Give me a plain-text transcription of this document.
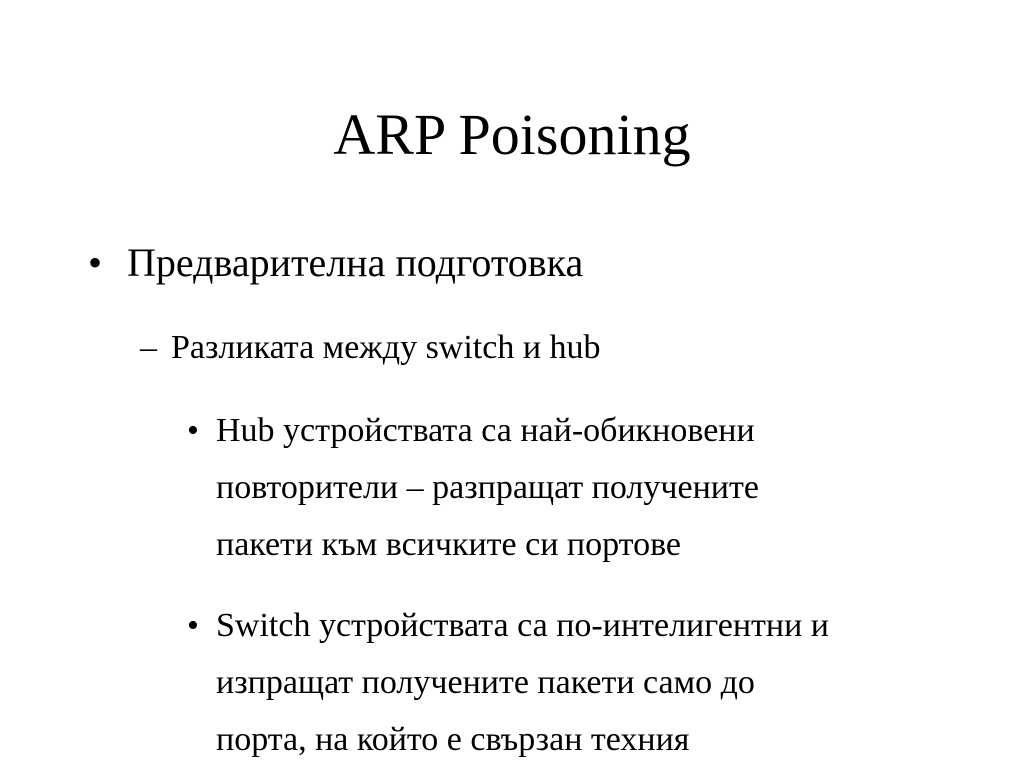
ARP Poisoning
• Предварителна подготовка
– Разликата между switch и hub
• Hub устройствата са най-обикновени
повторители – разпращат получените
пакети към всичките си портове
• Switch устройствата са по-интелигентни и
изпращат получените пакети само до
порта, на който е свързан техния
